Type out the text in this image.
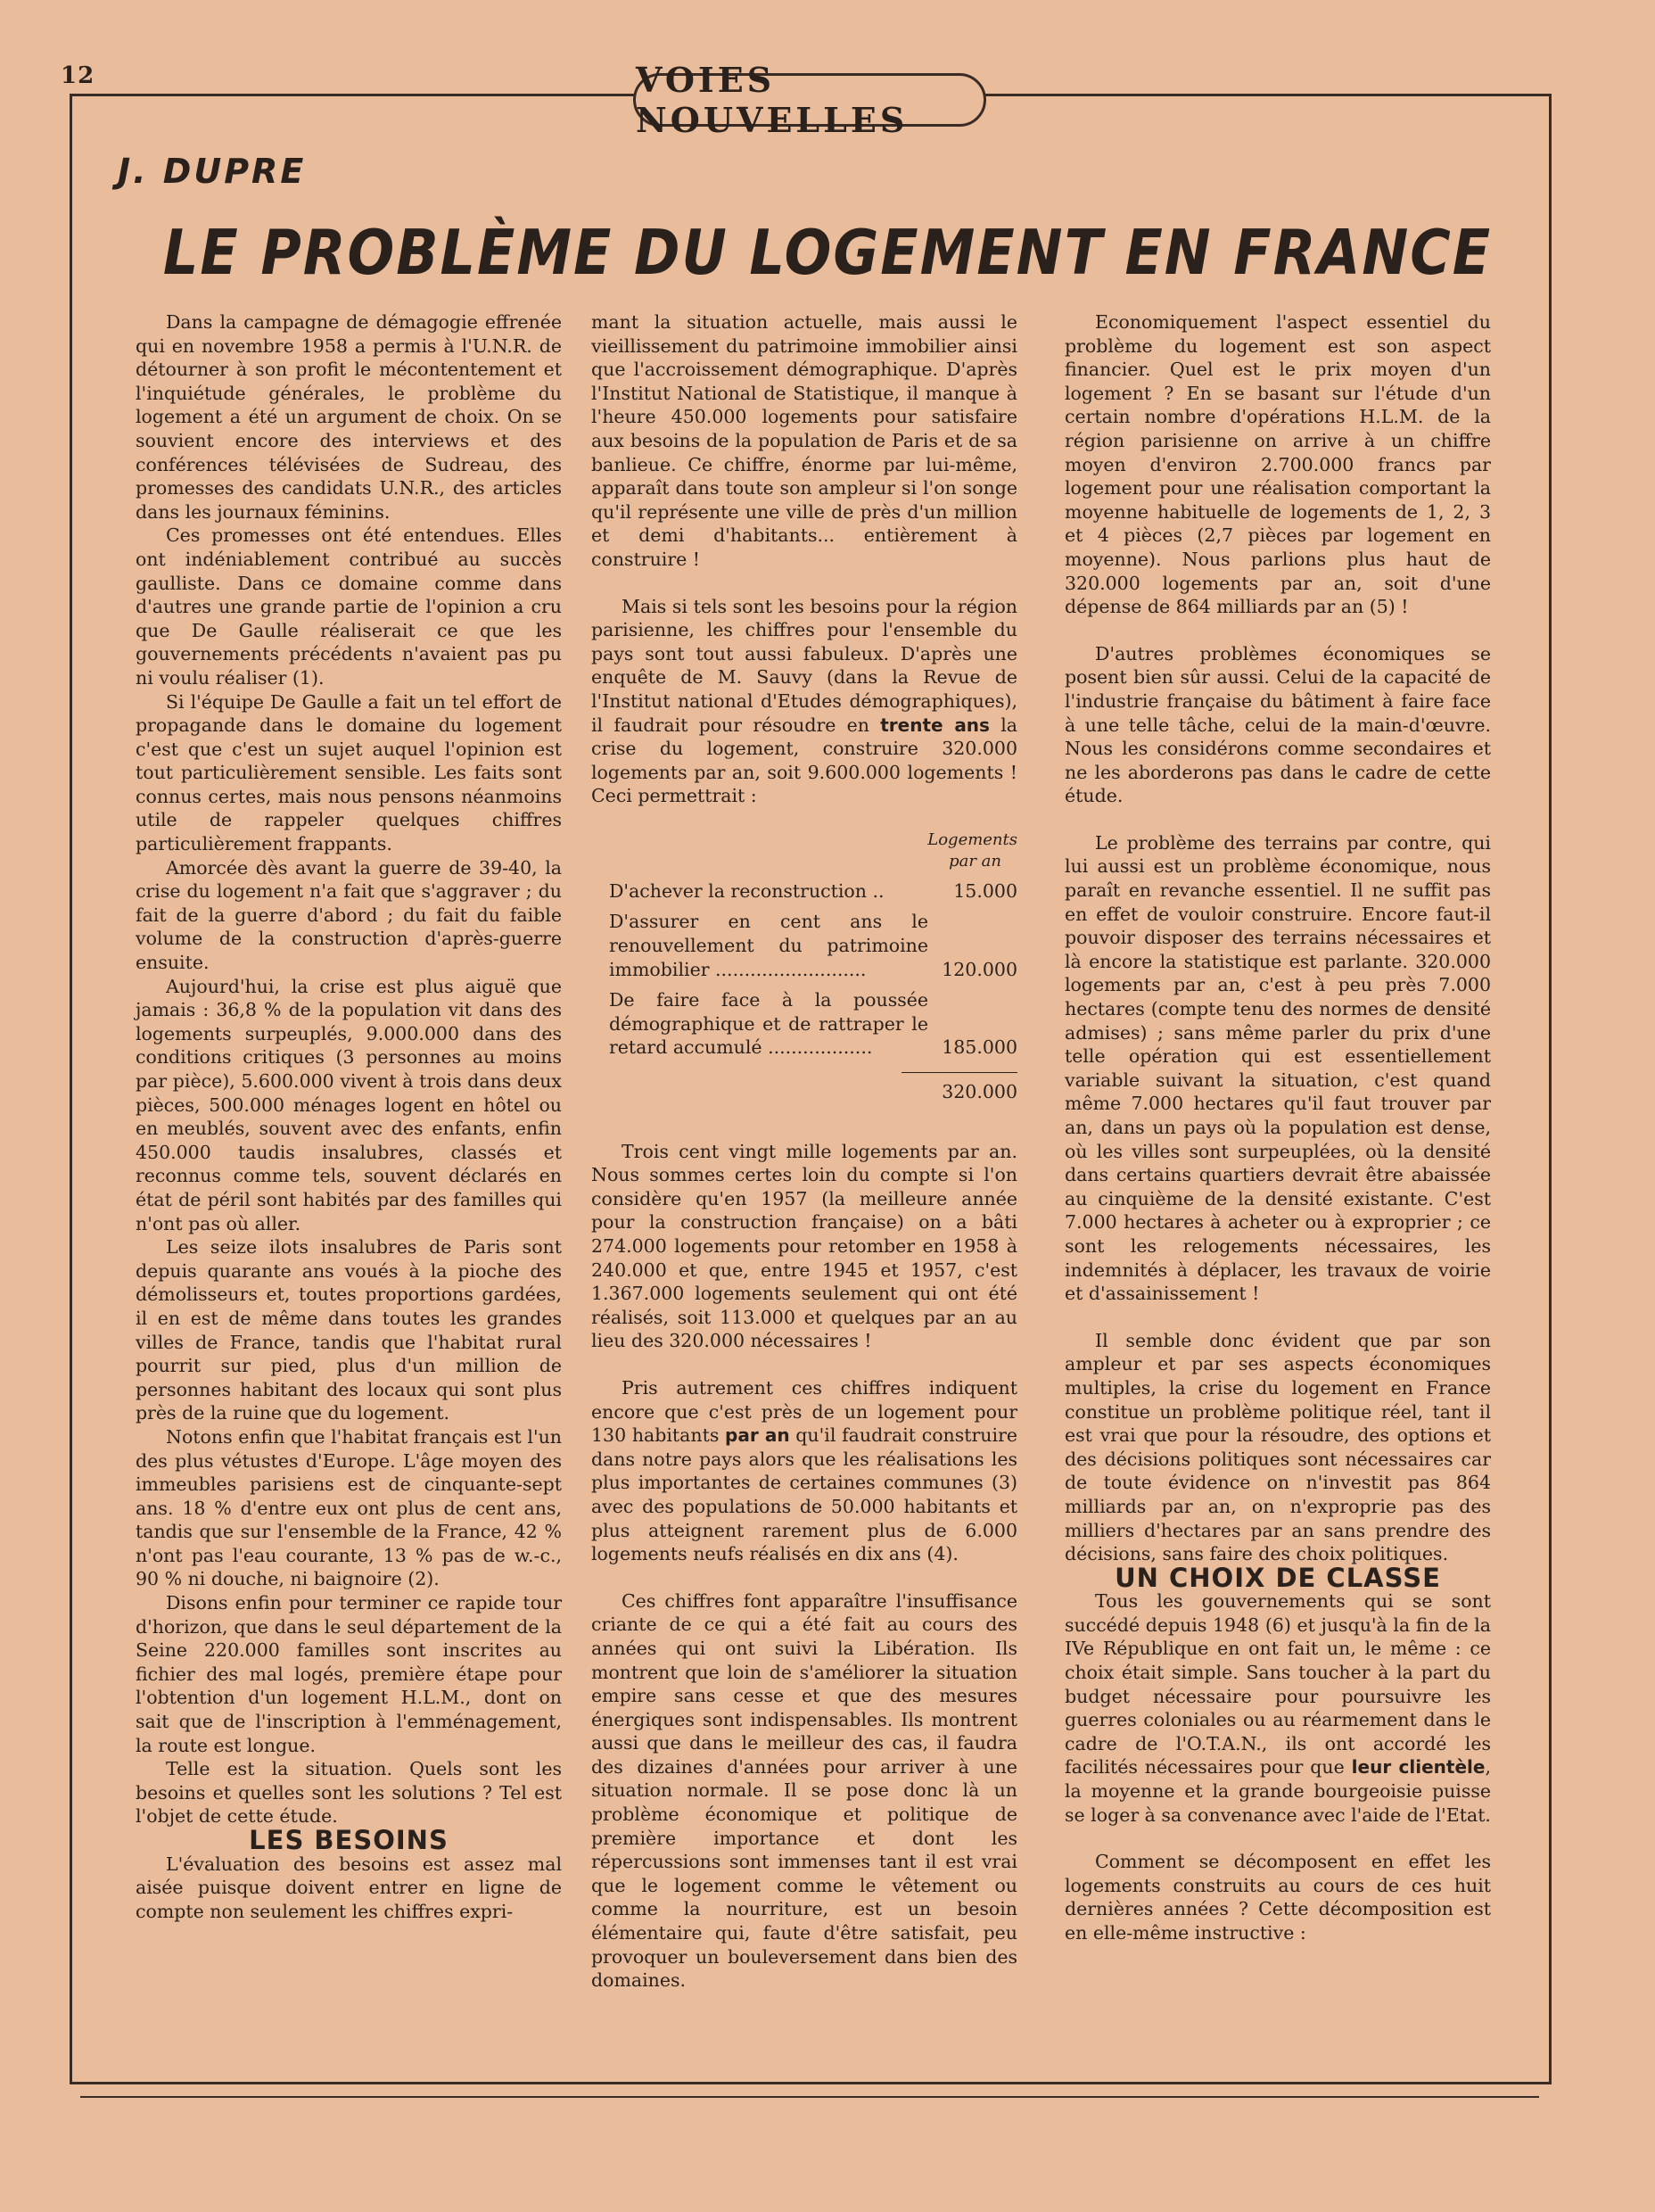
12	VOIES NOUVELLES
J. DUPRE
LE PROBLÈME DU LOGEMENT EN FRANCE

Dans la campagne de démagogie effrenée qui en novembre 1958 a permis à l'U.N.R. de détourner à son profit le mécontentement et l'inquiétude générales, le problème du logement a été un argument de choix. On se souvient encore des interviews et des conférences télévisées de Sudreau, des promesses des candidats U.N.R., des articles dans les journaux féminins.

Ces promesses ont été entendues. Elles ont indéniablement contribué au succès gaulliste. Dans ce domaine comme dans d'autres une grande partie de l'opinion a cru que De Gaulle réaliserait ce que les gouvernements précédents n'avaient pas pu ni voulu réaliser (1).

Si l'équipe De Gaulle a fait un tel effort de propagande dans le domaine du logement c'est que c'est un sujet auquel l'opinion est tout particulièrement sensible. Les faits sont connus certes, mais nous pensons néanmoins utile de rappeler quelques chiffres particulièrement frappants.

Amorcée dès avant la guerre de 39-40, la crise du logement n'a fait que s'aggraver ; du fait de la guerre d'abord ; du fait du faible volume de la construction d'après-guerre ensuite.

Aujourd'hui, la crise est plus aiguë que jamais : 36,8 % de la population vit dans des logements surpeuplés, 9.000.000 dans des conditions critiques (3 personnes au moins par pièce), 5.600.000 vivent à trois dans deux pièces, 500.000 ménages logent en hôtel ou en meublés, souvent avec des enfants, enfin 450.000 taudis insalubres, classés et reconnus comme tels, souvent déclarés en état de péril sont habités par des familles qui n'ont pas où aller.

Les seize ilots insalubres de Paris sont depuis quarante ans voués à la pioche des démolisseurs et, toutes proportions gardées, il en est de même dans toutes les grandes villes de France, tandis que l'habitat rural pourrit sur pied, plus d'un million de personnes habitant des locaux qui sont plus près de la ruine que du logement.

Notons enfin que l'habitat français est l'un des plus vétustes d'Europe. L'âge moyen des immeubles parisiens est de cinquante-sept ans. 18 % d'entre eux ont plus de cent ans, tandis que sur l'ensemble de la France, 42 % n'ont pas l'eau courante, 13 % pas de w.-c., 90 % ni douche, ni baignoire (2).

Disons enfin pour terminer ce rapide tour d'horizon, que dans le seul département de la Seine 220.000 familles sont inscrites au fichier des mal logés, première étape pour l'obtention d'un logement H.L.M., dont on sait que de l'inscription à l'emménagement, la route est longue.

Telle est la situation. Quels sont les besoins et quelles sont les solutions ? Tel est l'objet de cette étude.

LES BESOINS

L'évaluation des besoins est assez mal aisée puisque doivent entrer en ligne de compte non seulement les chiffres expri-

mant la situation actuelle, mais aussi le vieillissement du patrimoine immobilier ainsi que l'accroissement démographique. D'après l'Institut National de Statistique, il manque à l'heure 450.000 logements pour satisfaire aux besoins de la population de Paris et de sa banlieue. Ce chiffre, énorme par lui-même, apparaît dans toute son ampleur si l'on songe qu'il représente une ville de près d'un million et demi d'habitants... entièrement à construire !

Mais si tels sont les besoins pour la région parisienne, les chiffres pour l'ensemble du pays sont tout aussi fabuleux. D'après une enquête de M. Sauvy (dans la Revue de l'Institut national d'Etudes démographiques), il faudrait pour résoudre en trente ans la crise du logement, construire 320.000 logements par an, soit 9.600.000 logements ! Ceci permettrait :

Logements
par an
D'achever la reconstruction ..	15.000
D'assurer en cent ans le renouvellement du patrimoine immobilier ..........................	120.000
De faire face à la poussée démographique et de rattraper le retard accumulé ..................	185.000
320.000

Trois cent vingt mille logements par an. Nous sommes certes loin du compte si l'on considère qu'en 1957 (la meilleure année pour la construction française) on a bâti 274.000 logements pour retomber en 1958 à 240.000 et que, entre 1945 et 1957, c'est 1.367.000 logements seulement qui ont été réalisés, soit 113.000 et quelques par an au lieu des 320.000 nécessaires !

Pris autrement ces chiffres indiquent encore que c'est près de un logement pour 130 habitants par an qu'il faudrait construire dans notre pays alors que les réalisations les plus importantes de certaines communes (3) avec des populations de 50.000 habitants et plus atteignent rarement plus de 6.000 logements neufs réalisés en dix ans (4).

Ces chiffres font apparaître l'insuffisance criante de ce qui a été fait au cours des années qui ont suivi la Libération. Ils montrent que loin de s'améliorer la situation empire sans cesse et que des mesures énergiques sont indispensables. Ils montrent aussi que dans le meilleur des cas, il faudra des dizaines d'années pour arriver à une situation normale. Il se pose donc là un problème économique et politique de première importance et dont les répercussions sont immenses tant il est vrai que le logement comme le vêtement ou comme la nourriture, est un besoin élémentaire qui, faute d'être satisfait, peu provoquer un bouleversement dans bien des domaines.

Economiquement l'aspect essentiel du problème du logement est son aspect financier. Quel est le prix moyen d'un logement ? En se basant sur l'étude d'un certain nombre d'opérations H.L.M. de la région parisienne on arrive à un chiffre moyen d'environ 2.700.000 francs par logement pour une réalisation comportant la moyenne habituelle de logements de 1, 2, 3 et 4 pièces (2,7 pièces par logement en moyenne). Nous parlions plus haut de 320.000 logements par an, soit d'une dépense de 864 milliards par an (5) !

D'autres problèmes économiques se posent bien sûr aussi. Celui de la capacité de l'industrie française du bâtiment à faire face à une telle tâche, celui de la main-d'œuvre. Nous les considérons comme secondaires et ne les aborderons pas dans le cadre de cette étude.

Le problème des terrains par contre, qui lui aussi est un problème économique, nous paraît en revanche essentiel. Il ne suffit pas en effet de vouloir construire. Encore faut-il pouvoir disposer des terrains nécessaires et là encore la statistique est parlante. 320.000 logements par an, c'est à peu près 7.000 hectares (compte tenu des normes de densité admises) ; sans même parler du prix d'une telle opération qui est essentiellement variable suivant la situation, c'est quand même 7.000 hectares qu'il faut trouver par an, dans un pays où la population est dense, où les villes sont surpeuplées, où la densité dans certains quartiers devrait être abaissée au cinquième de la densité existante. C'est 7.000 hectares à acheter ou à exproprier ; ce sont les relogements nécessaires, les indemnités à déplacer, les travaux de voirie et d'assainissement !

Il semble donc évident que par son ampleur et par ses aspects économiques multiples, la crise du logement en France constitue un problème politique réel, tant il est vrai que pour la résoudre, des options et des décisions politiques sont nécessaires car de toute évidence on n'investit pas 864 milliards par an, on n'exproprie pas des milliers d'hectares par an sans prendre des décisions, sans faire des choix politiques.

UN CHOIX DE CLASSE

Tous les gouvernements qui se sont succédé depuis 1948 (6) et jusqu'à la fin de la IVe République en ont fait un, le même : ce choix était simple. Sans toucher à la part du budget nécessaire pour poursuivre les guerres coloniales ou au réarmement dans le cadre de l'O.T.A.N., ils ont accordé les facilités nécessaires pour que leur clientèle, la moyenne et la grande bourgeoisie puisse se loger à sa convenance avec l'aide de l'Etat.

Comment se décomposent en effet les logements construits au cours de ces huit dernières années ? Cette décomposition est en elle-même instructive :
